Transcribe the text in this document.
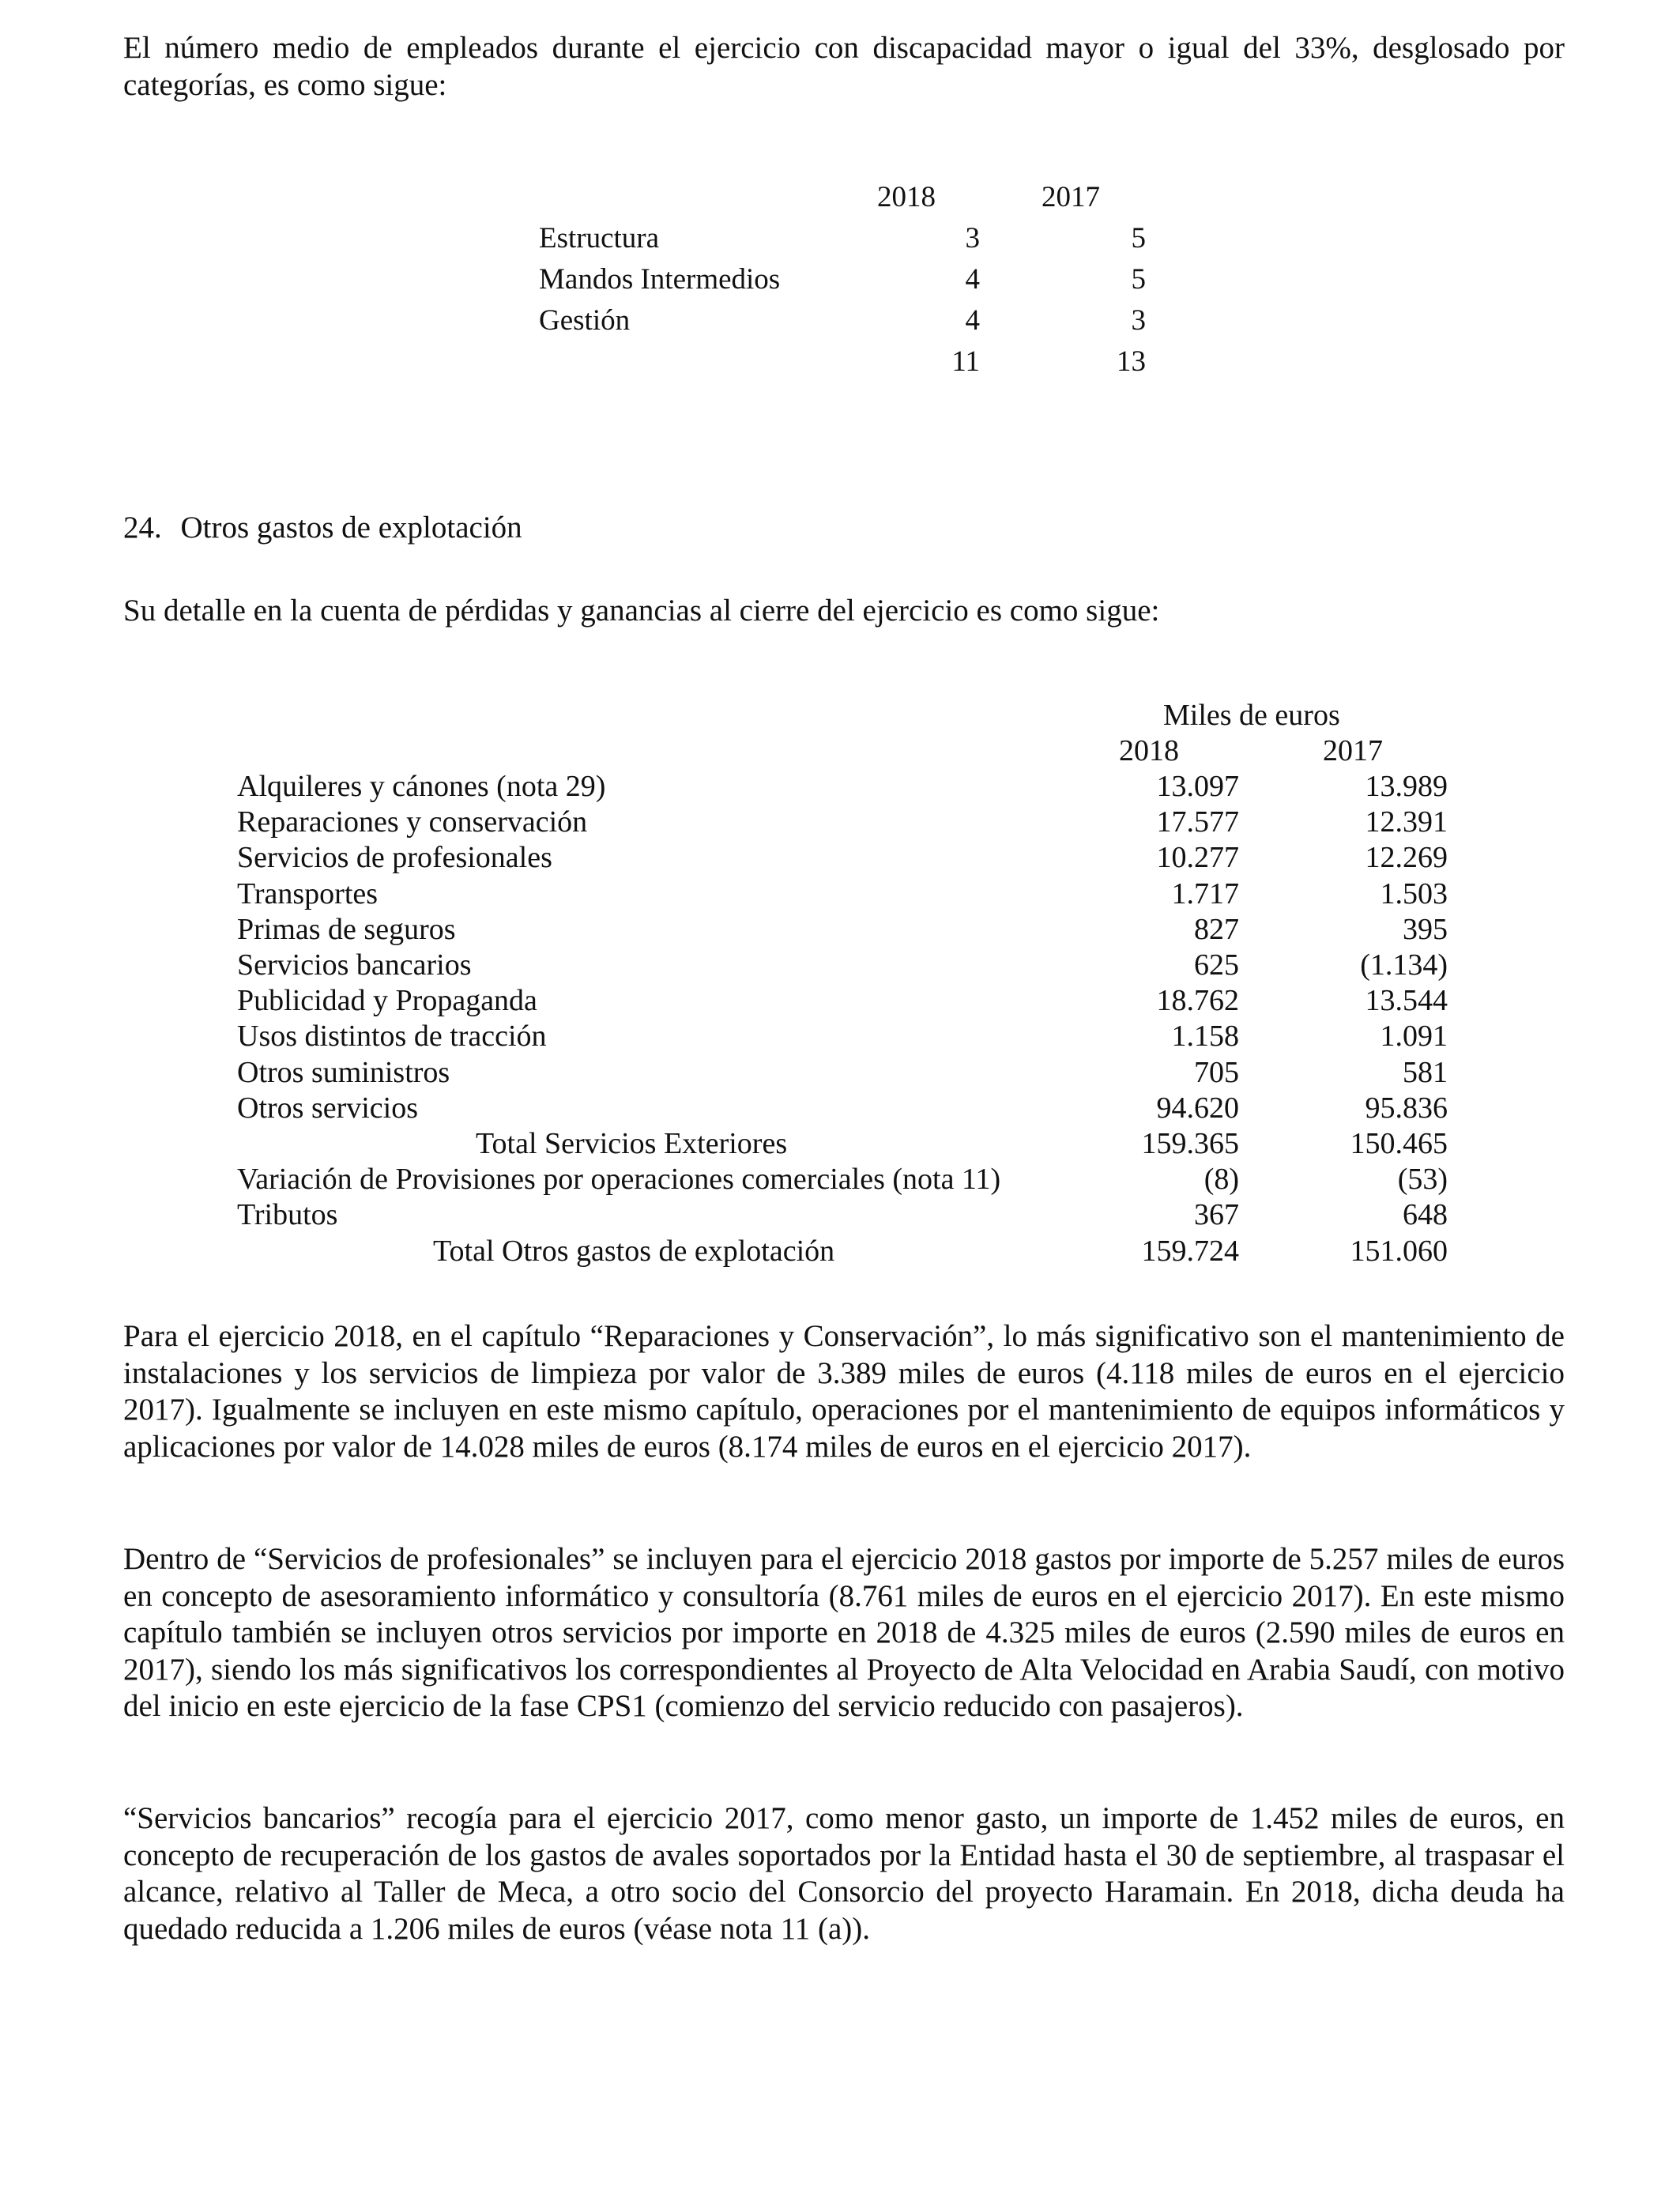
El número medio de empleados durante el ejercicio con discapacidad mayor o igual del 33%, desglosado por categorías, es como sigue:

2018	2017
Estructura	3	5
Mandos Intermedios	4	5
Gestión	4	3
11	13
24. Otros gastos de explotación
Su detalle en la cuenta de pérdidas y ganancias al cierre del ejercicio es como sigue:
Miles de euros
2018	2017
Alquileres y cánones (nota 29)	13.097	13.989
Reparaciones y conservación	17.577	12.391
Servicios de profesionales	10.277	12.269
Transportes	1.717	1.503
Primas de seguros	827	395
Servicios bancarios	625	(1.134)
Publicidad y Propaganda	18.762	13.544
Usos distintos de tracción	1.158	1.091
Otros suministros	705	581
Otros servicios	94.620	95.836
Total Servicios Exteriores	159.365	150.465
Variación de Provisiones por operaciones comerciales (nota 11)	(8)	(53)
Tributos	367	648
Total Otros gastos de explotación	159.724	151.060

Para el ejercicio 2018, en el capítulo “Reparaciones y Conservación”, lo más significativo son el mantenimiento de instalaciones y los servicios de limpieza por valor de 3.389 miles de euros (4.118 miles de euros en el ejercicio 2017). Igualmente se incluyen en este mismo capítulo, operaciones por el mantenimiento de equipos informáticos y aplicaciones por valor de 14.028 miles de euros (8.174 miles de euros en el ejercicio 2017).

Dentro de “Servicios de profesionales” se incluyen para el ejercicio 2018 gastos por importe de 5.257 miles de euros en concepto de asesoramiento informático y consultoría (8.761 miles de euros en el ejercicio 2017). En este mismo capítulo también se incluyen otros servicios por importe en 2018 de 4.325 miles de euros (2.590 miles de euros en 2017), siendo los más significativos los correspondientes al Proyecto de Alta Velocidad en Arabia Saudí, con motivo del inicio en este ejercicio de la fase CPS1 (comienzo del servicio reducido con pasajeros).

“Servicios bancarios” recogía para el ejercicio 2017, como menor gasto, un importe de 1.452 miles de euros, en concepto de recuperación de los gastos de avales soportados por la Entidad hasta el 30 de septiembre, al traspasar el alcance, relativo al Taller de Meca, a otro socio del Consorcio del proyecto Haramain. En 2018, dicha deuda ha quedado reducida a 1.206 miles de euros (véase nota 11 (a)).
